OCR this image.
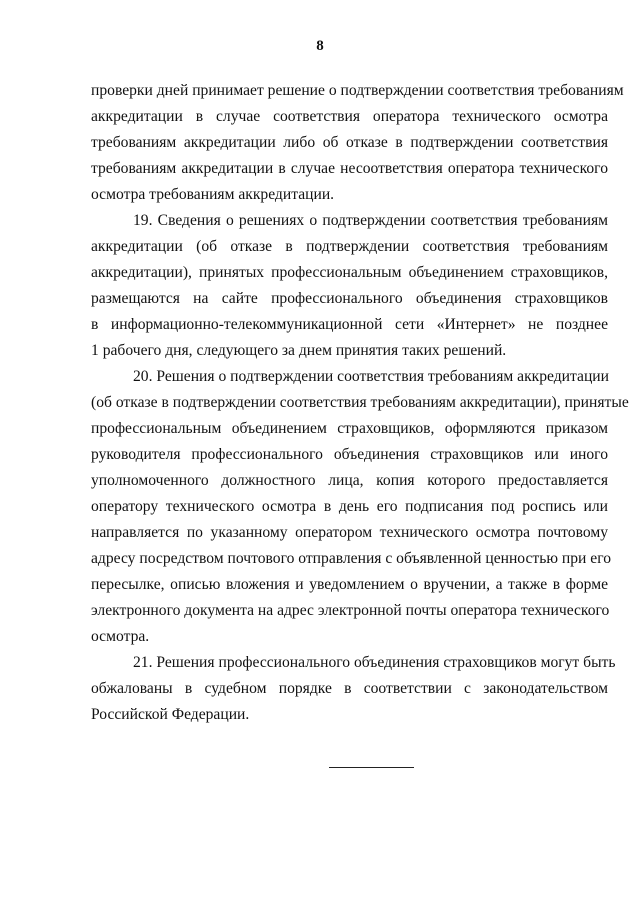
8

проверки дней принимает решение о подтверждении соответствия требованиям
аккредитации в случае соответствия оператора технического осмотра
требованиям аккредитации либо об отказе в подтверждении соответствия
требованиям аккредитации в случае несоответствия оператора технического
осмотра требованиям аккредитации.

19. Сведения о решениях о подтверждении соответствия требованиям
аккредитации (об отказе в подтверждении соответствия требованиям
аккредитации), принятых профессиональным объединением страховщиков,
размещаются на сайте профессионального объединения страховщиков
в информационно-телекоммуникационной сети «Интернет» не позднее
1 рабочего дня, следующего за днем принятия таких решений.

20. Решения о подтверждении соответствия требованиям аккредитации
(об отказе в подтверждении соответствия требованиям аккредитации), принятые
профессиональным объединением страховщиков, оформляются приказом
руководителя профессионального объединения страховщиков или иного
уполномоченного должностного лица, копия которого предоставляется
оператору технического осмотра в день его подписания под роспись или
направляется по указанному оператором технического осмотра почтовому
адресу посредством почтового отправления с объявленной ценностью при его
пересылке, описью вложения и уведомлением о вручении, а также в форме
электронного документа на адрес электронной почты оператора технического
осмотра.

21. Решения профессионального объединения страховщиков могут быть
обжалованы в судебном порядке в соответствии с законодательством
Российской Федерации.
